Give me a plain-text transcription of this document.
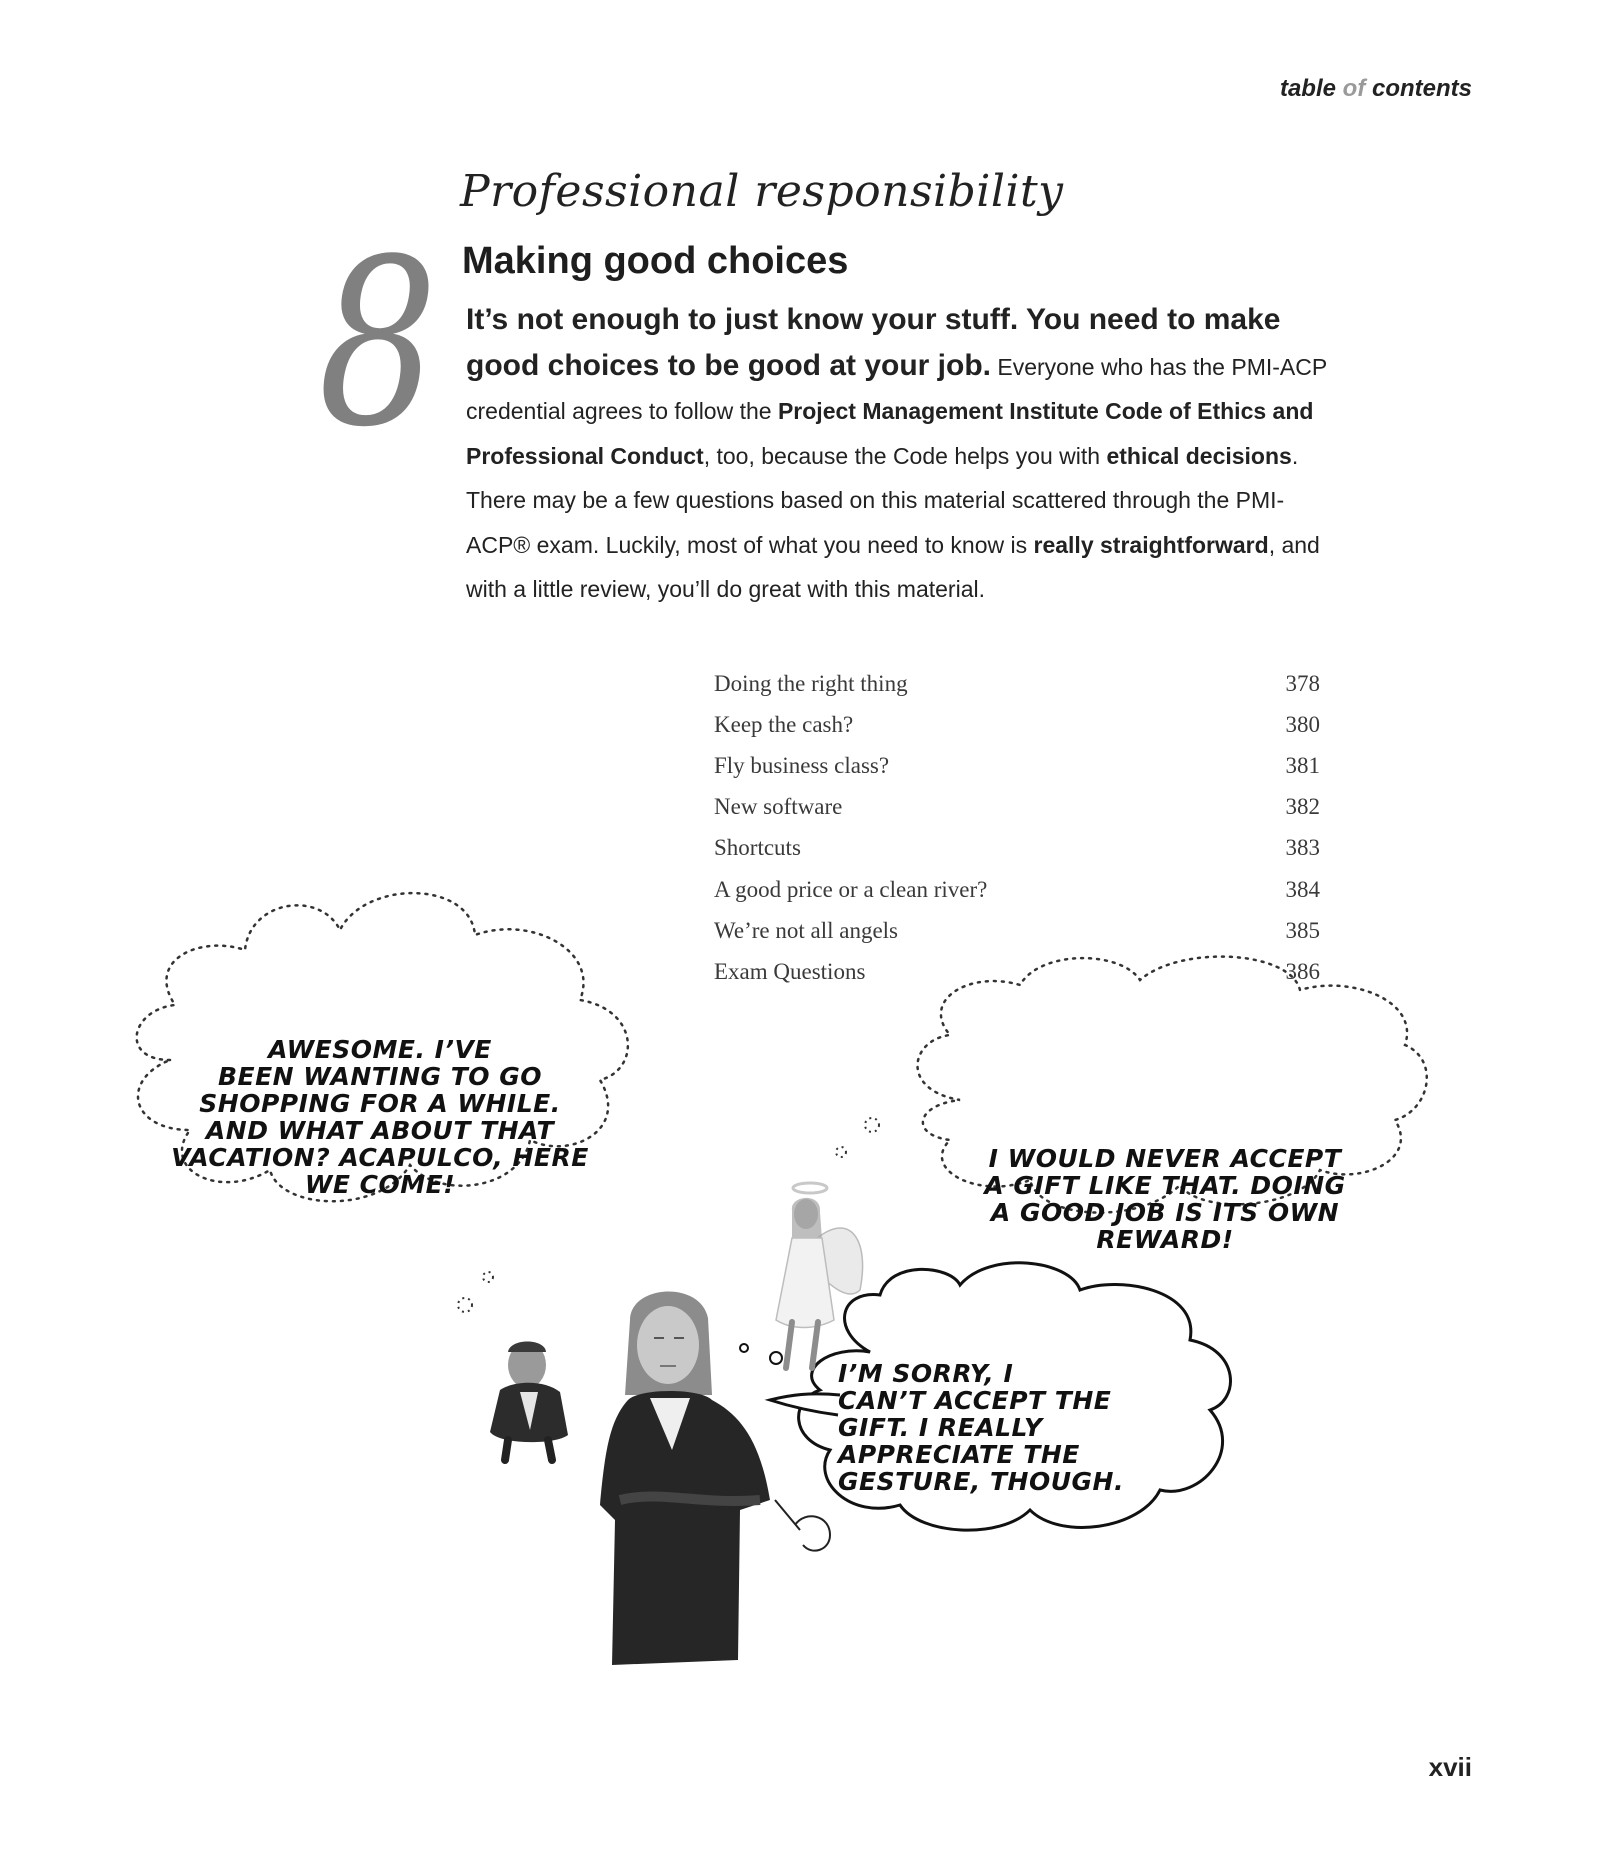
table of contents
Professional responsibility
8 Making good choices
It’s not enough to just know your stuff. You need to make good choices to be good at your job. Everyone who has the PMI-ACP credential agrees to follow the Project Management Institute Code of Ethics and Professional Conduct, too, because the Code helps you with ethical decisions. There may be a few questions based on this material scattered through the PMI-ACP® exam. Luckily, most of what you need to know is really straightforward, and with a little review, you’ll do great with this material.
Doing the right thing	378
Keep the cash?	380
Fly business class?	381
New software	382
Shortcuts	383
A good price or a clean river?	384
We’re not all angels	385
Exam Questions	386
AWESOME. I’VE
BEEN WANTING TO GO
SHOPPING FOR A WHILE.
AND WHAT ABOUT THAT
VACATION? ACAPULCO, HERE
WE COME!
I WOULD NEVER ACCEPT
A GIFT LIKE THAT. DOING
A GOOD JOB IS ITS OWN
REWARD!
I’M SORRY, I
CAN’T ACCEPT THE
GIFT. I REALLY
APPRECIATE THE
GESTURE, THOUGH.
xvii
